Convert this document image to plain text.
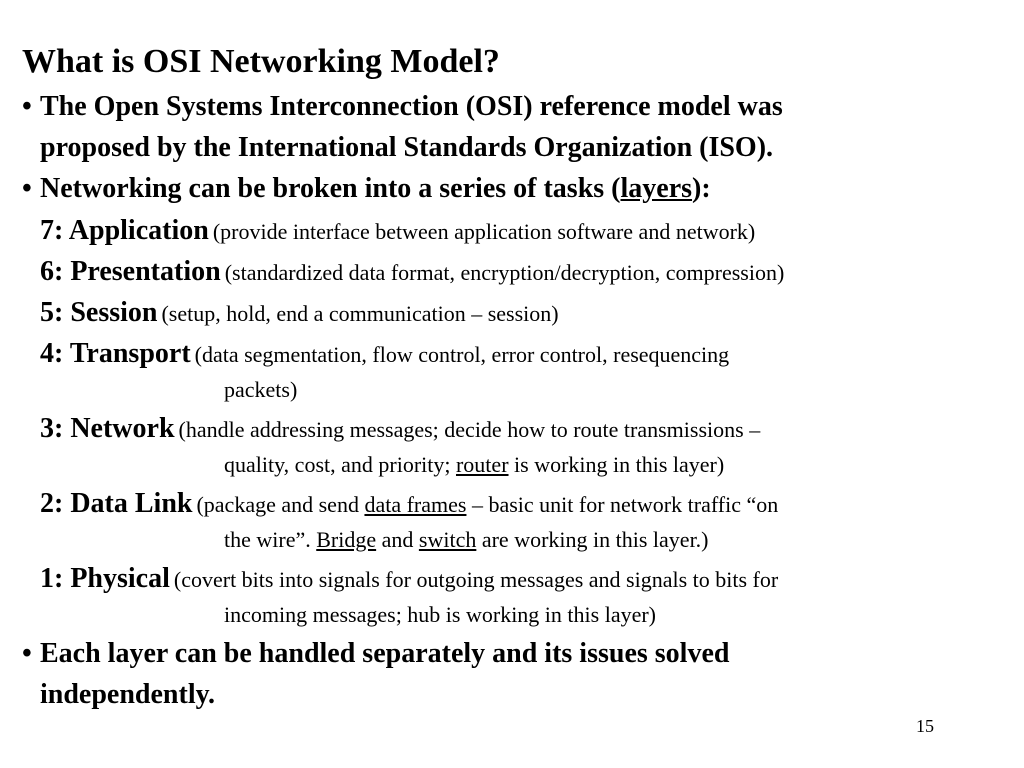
What is OSI Networking Model?
• The Open Systems Interconnection (OSI) reference model was
proposed by the International Standards Organization (ISO).
• Networking can be broken into a series of tasks (layers):
7: Application (provide interface between application software and network)
6: Presentation (standardized data format, encryption/decryption, compression)
5: Session (setup, hold, end a communication – session)
4: Transport (data segmentation, flow control, error control, resequencing
packets)
3: Network (handle addressing messages; decide how to route transmissions –
quality, cost, and priority; router is working in this layer)
2: Data Link (package and send data frames – basic unit for network traffic “on
the wire”. Bridge and switch are working in this layer.)
1: Physical (covert bits into signals for outgoing messages and signals to bits for
incoming messages; hub is working in this layer)
• Each layer can be handled separately and its issues solved
independently.
15
